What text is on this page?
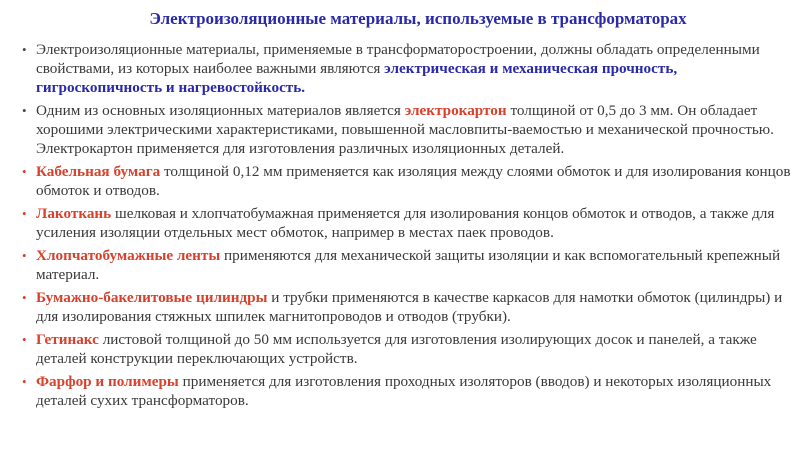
Электроизоляционные материалы, используемые в трансформаторах
• Электроизоляционные материалы, применяемые в трансформаторостроении, должны обладать определенными свойствами, из которых наиболее важными являются электрическая и механическая прочность, гигроскопичность и нагревостойкость.
• Одним из основных изоляционных материалов является электрокартон толщиной от 0,5 до 3 мм. Он обладает хорошими электрическими характеристиками, повышенной масловпиты-ваемостью и механической прочностью. Электрокартон применяется для изготовления различных изоляционных деталей.
• Кабельная бумага толщиной 0,12 мм применяется как изоляция между слоями обмоток и для изолирования концов обмоток и отводов.
• Лакоткань шелковая и хлопчатобумажная применяется для изолирования концов обмоток и отводов, а также для усиления изоляции отдельных мест обмоток, например в местах паек проводов.
• Хлопчатобумажные ленты применяются для механической защиты изоляции и как вспомогательный крепежный материал.
• Бумажно-бакелитовые цилиндры и трубки применяются в качестве каркасов для намотки обмоток (цилиндры) и для изолирования стяжных шпилек магнитопроводов и отводов (трубки).
• Гетинакс листовой толщиной до 50 мм используется для изготовления изолирующих досок и панелей, а также деталей конструкции переключающих устройств.
• Фарфор и полимеры применяется для изготовления проходных изоляторов (вводов) и некоторых изоляционных деталей сухих трансформаторов.
